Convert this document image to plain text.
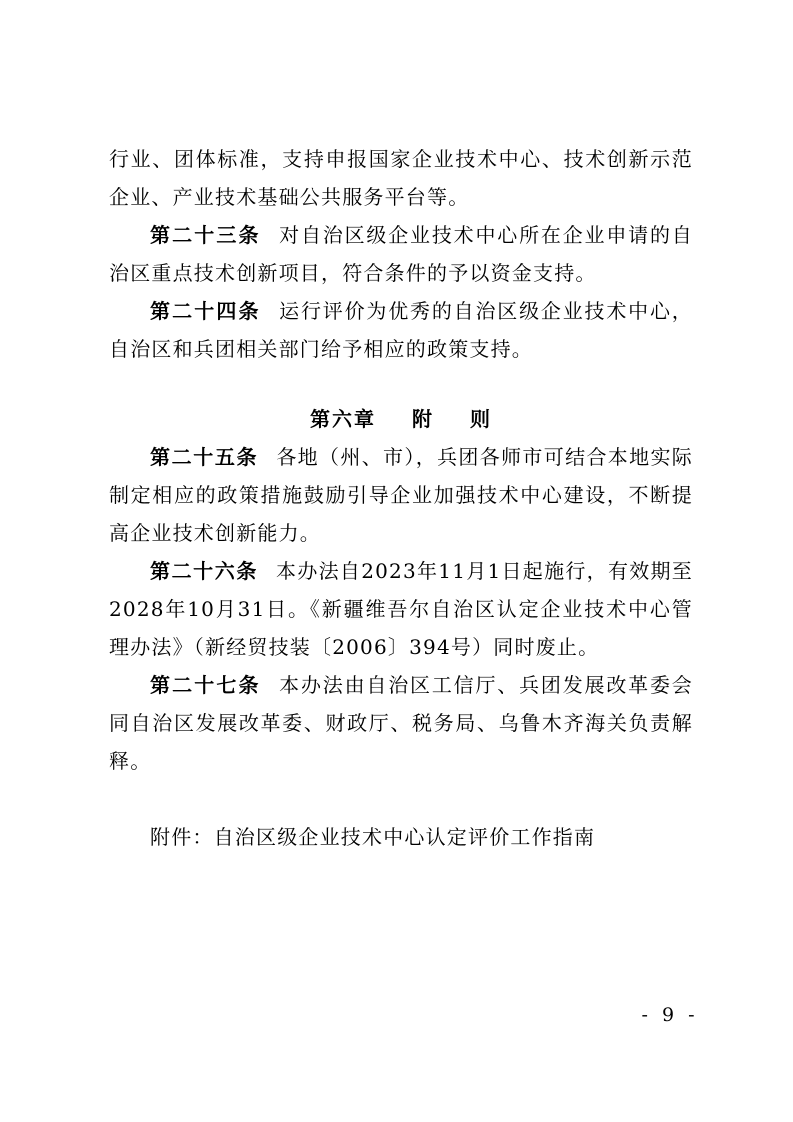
行业、团体标准，支持申报国家企业技术中心、技术创新示范企业、产业技术基础公共服务平台等。

第二十三条 对自治区级企业技术中心所在企业申请的自治区重点技术创新项目，符合条件的予以资金支持。

第二十四条 运行评价为优秀的自治区级企业技术中心，自治区和兵团相关部门给予相应的政策支持。

第六章 附 则

第二十五条 各地（州、市），兵团各师市可结合本地实际制定相应的政策措施鼓励引导企业加强技术中心建设，不断提高企业技术创新能力。

第二十六条 本办法自2023年11月1日起施行，有效期至2028年10月31日。《新疆维吾尔自治区认定企业技术中心管理办法》（新经贸技装〔2006〕394号）同时废止。

第二十七条 本办法由自治区工信厅、兵团发展改革委会同自治区发展改革委、财政厅、税务局、乌鲁木齐海关负责解释。

附件：自治区级企业技术中心认定评价工作指南

- 9 -
